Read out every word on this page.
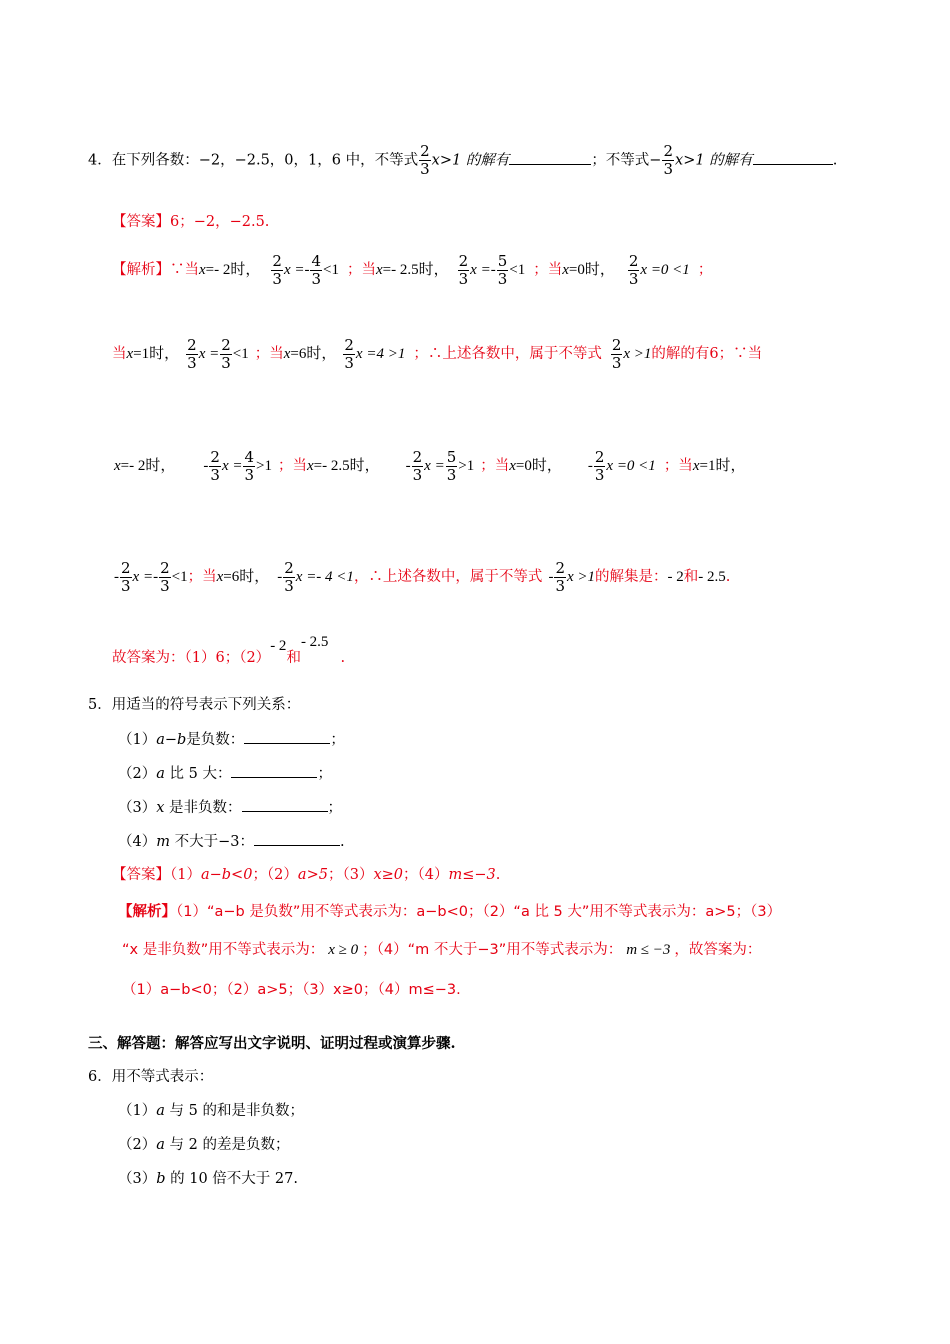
4．在下列各数：−2，−2.5，0，1，6 中，不等式 $\frac{2}{3} x>1$ 的解有	；不等式− $\frac{2}{3} x>1$ 的解有	.
【答案】6；−2，−2.5.
【解析】 ∵当 x =- 2时， $\frac{2}{3}$ $x =- \frac{4}{3} <1$ ；当 x =- 2.5时， $\frac{2}{3}$ $x =- \frac{5}{3} <1$ ；当 x =0时， $\frac{2}{3}$ x =0 <1 ；
当 x =1时， $\frac{2}{3}$ $x = \frac{2}{3} <1$ ；当 x =6时， $\frac{2}{3}$ x =4 >1 ；∴上述各数中，属于不等式 $\frac{2}{3}$ x >1 的解的有6；∵当
x =- 2时， - $\frac{2}{3}$ $x = \frac{4}{3} >1$ ；当 x =- 2.5时， - $\frac{2}{3}$ $x = \frac{5}{3} >1$ ；当 x =0时， - $\frac{2}{3}$ x =0 <1 ；当 x =1时，
- $\frac{2}{3}$ $x =- \frac{2}{3} <1$ ；当 x =6时， - $\frac{2}{3}$ x =- 4 <1 ，∴上述各数中，属于不等式 - $\frac{2}{3}$ x >1 的解集是： - 2 和 - 2.5 .
故答案为：（1）6；（2）- 2和- 2.5.
5．用适当的符号表示下列关系：
（1）a−b是负数：	；
（2）a 比 5 大：	；
（3）x 是非负数：	；
（4）m 不大于−3：	.
【答案】（1）a−b<0；（2）a>5；（3）x≥0；（4）m≤−3.
【解析】（1）“a−b 是负数”用不等式表示为：a−b<0；（2）“a 比 5 大”用不等式表示为：a>5；（3）
“x 是非负数”用不等式表示为： x ≥ 0 ；（4）“m 不大于−3”用不等式表示为： m ≤ −3 ，故答案为：
（1）a−b<0；（2）a>5；（3）x≥0；（4）m≤−3.
三、解答题：解答应写出文字说明、证明过程或演算步骤.
6．用不等式表示：
（1）a 与 5 的和是非负数；
（2）a 与 2 的差是负数；
（3）b 的 10 倍不大于 27.
